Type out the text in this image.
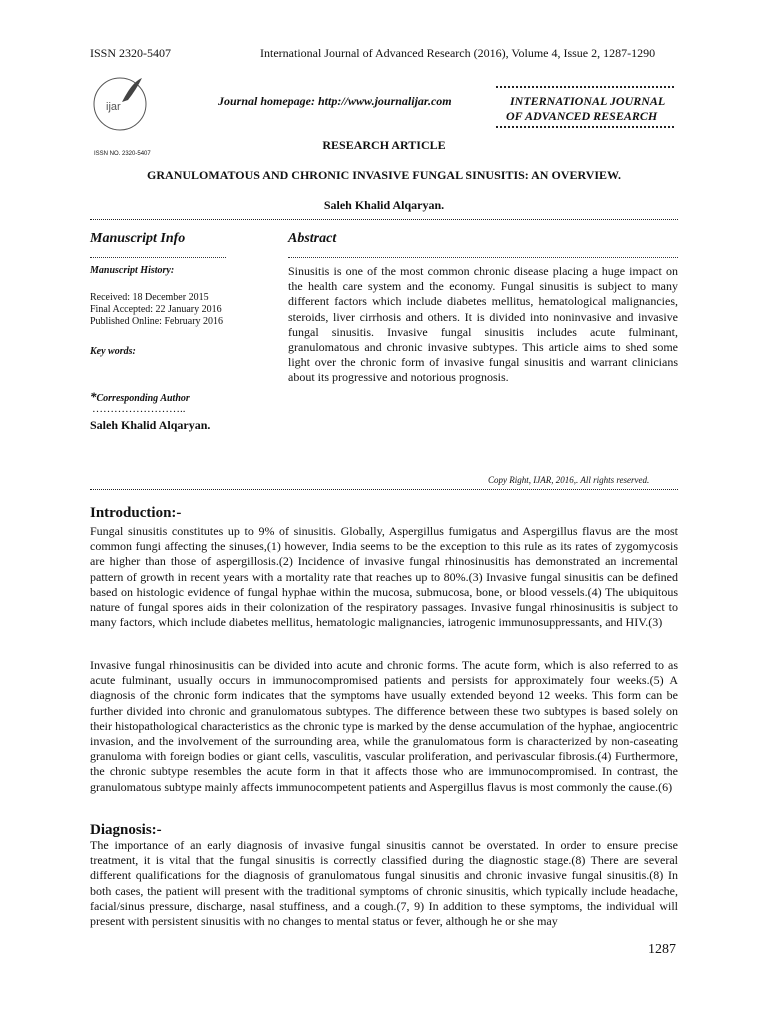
ISSN 2320-5407	International Journal of Advanced Research (2016), Volume 4, Issue 2, 1287-1290
ijar
ISSN NO. 2320-5407
Journal homepage: http://www.journalijar.com	INTERNATIONAL JOURNAL
OF ADVANCED RESEARCH
RESEARCH ARTICLE
GRANULOMATOUS AND CHRONIC INVASIVE FUNGAL SINUSITIS: AN OVERVIEW.
Saleh Khalid Alqaryan.
Manuscript Info
Manuscript History:
Received: 18 December 2015
Final Accepted: 22 January 2016
Published Online: February 2016
Key words:
*Corresponding Author
……………………..
Saleh Khalid Alqaryan.
Abstract

Sinusitis is one of the most common chronic disease placing a huge impact on the health care system and the economy. Fungal sinusitis is subject to many different factors which include diabetes mellitus, hematological malignancies, steroids, liver cirrhosis and others. It is divided into noninvasive and invasive fungal sinusitis. Invasive fungal sinusitis includes acute fulminant, granulomatous and chronic invasive subtypes. This article aims to shed some light over the chronic form of invasive fungal sinusitis and warrant clinicians about its progressive and notorious prognosis.

Copy Right, IJAR, 2016,. All rights reserved.
Introduction:-

Fungal sinusitis constitutes up to 9% of sinusitis. Globally, Aspergillus fumigatus and Aspergillus flavus are the most common fungi affecting the sinuses,(1) however, India seems to be the exception to this rule as its rates of zygomycosis are higher than those of aspergillosis.(2) Incidence of invasive fungal rhinosinusitis has demonstrated an incremental pattern of growth in recent years with a mortality rate that reaches up to 80%.(3) Invasive fungal sinusitis can be defined based on histologic evidence of fungal hyphae within the mucosa, submucosa, bone, or blood vessels.(4) The ubiquitous nature of fungal spores aids in their colonization of the respiratory passages. Invasive fungal rhinosinusitis is subject to many factors, which include diabetes mellitus, hematologic malignancies, iatrogenic immunosuppressants, and HIV.(3)

Invasive fungal rhinosinusitis can be divided into acute and chronic forms. The acute form, which is also referred to as acute fulminant, usually occurs in immunocompromised patients and persists for approximately four weeks.(5) A diagnosis of the chronic form indicates that the symptoms have usually extended beyond 12 weeks. This form can be further divided into chronic and granulomatous subtypes. The difference between these two subtypes is based solely on their histopathological characteristics as the chronic type is marked by the dense accumulation of the hyphae, angiocentric invasion, and the involvement of the surrounding area, while the granulomatous form is characterized by non-caseating granuloma with foreign bodies or giant cells, vasculitis, vascular proliferation, and perivascular fibrosis.(4) Furthermore, the chronic subtype resembles the acute form in that it affects those who are immunocompromised. In contrast, the granulomatous subtype mainly affects immunocompetent patients and Aspergillus flavus is most commonly the cause.(6)

Diagnosis:-

The importance of an early diagnosis of invasive fungal sinusitis cannot be overstated. In order to ensure precise treatment, it is vital that the fungal sinusitis is correctly classified during the diagnostic stage.(8) There are several different qualifications for the diagnosis of granulomatous fungal sinusitis and chronic invasive fungal sinusitis.(8) In both cases, the patient will present with the traditional symptoms of chronic sinusitis, which typically include headache, facial/sinus pressure, discharge, nasal stuffiness, and a cough.(7, 9) In addition to these symptoms, the individual will present with persistent sinusitis with no changes to mental status or fever, although he or she may

1287
